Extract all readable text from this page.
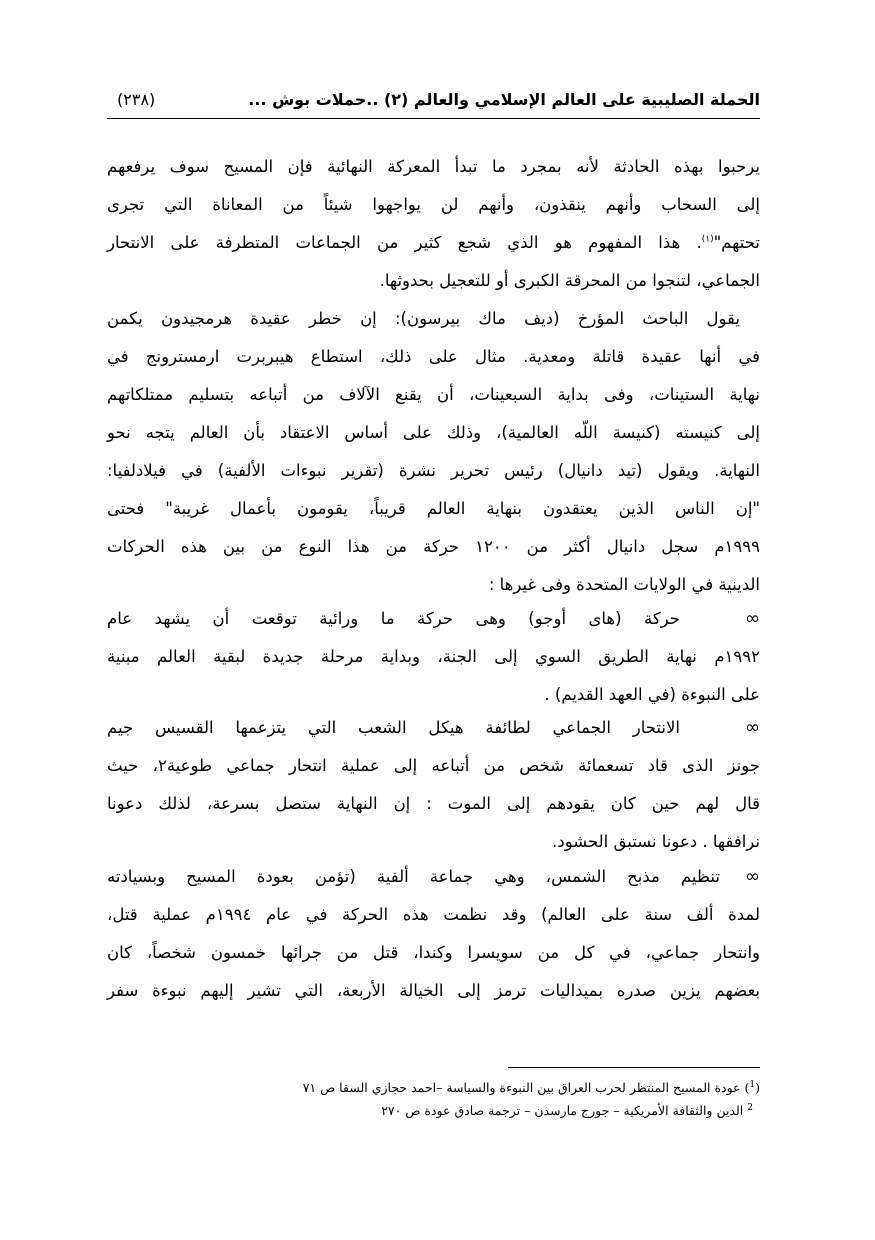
الحملة الصليبية على العالم الإسلامي والعالم (٢) ..حملات بوش ...
(٢٣٨)
يرحبوا بهذه الحادثة لأنه بمجرد ما تبدأ المعركة النهائية فإن المسيح سوف يرفعهم
إلى السحاب وأنهم ينقذون، وأنهم لن يواجهوا شيئاً من المعاناة التي تجرى
تحتهم"$^{(١)}$. هذا المفهوم هو الذي شجع كثير من الجماعات المتطرفة على الانتحار
الجماعي، لتنجوا من المحرقة الكبرى أو للتعجيل بحدوثها.
يقول الباحث المؤرخ (ديف ماك بيرسون): إن خطر عقيدة هرمجيدون يكمن
في أنها عقيدة قاتلة ومعدية. مثال على ذلك، استطاع هيبربرت ارمسترونج في
نهاية الستينات، وفى بداية السبعينات، أن يقنع الآلاف من أتباعه بتسليم ممتلكاتهم
إلى كنيسته (كنيسة اللّه العالمية)، وذلك على أساس الاعتقاد بأن العالم يتجه نحو
النهاية. ويقول (تيد دانيال) رئيس تحرير نشرة (تقرير نبوءات الألفية) في فيلادلفيا:
"إن الناس الذين يعتقدون بنهاية العالم قريباً، يقومون بأعمال غريبة" فحتى
١٩٩٩م سجل دانيال أكثر من ١٢٠٠ حركة من هذا النوع من بين هذه الحركات
الدينية في الولايات المتحدة وفى غيرها :
∞
حركة (هاى أوجو) وهى حركة ما ورائية توقعت أن يشهد عام
١٩٩٢م نهاية الطريق السوي إلى الجنة، وبداية مرحلة جديدة لبقية العالم مبنية
على النبوءة (في العهد القديم) .
∞
الانتحار الجماعي لطائفة هيكل الشعب التي يتزعمها القسيس جيم
جونز الذى قاد تسعمائة شخص من أتباعه إلى عملية انتحار جماعي طوعية٢، حيث
قال لهم حين كان يقودهم إلى الموت : إن النهاية ستصل بسرعة، لذلك دعونا
نرافقها . دعونا نستبق الحشود.
∞
تنظيم مذبح الشمس، وهي جماعة ألفية (تؤمن بعودة المسيح وبسيادته
لمدة ألف سنة على العالم) وقد نظمت هذه الحركة في عام ١٩٩٤م عملية قتل،
وانتحار جماعي، في كل من سويسرا وكندا، قتل من جرائها خمسون شخصاً، كان
بعضهم يزين صدره بميداليات ترمز إلى الخيالة الأربعة، التي تشير إليهم نبوءة سفر
($^1$) عودة المسيح المنتظر لحرب العراق بين النبوءة والسياسة –احمد حجازي السقا ص ٧١
$^2$ الدين والثقافة الأمريكية – جورج مارسدن – ترجمة صادق عودة ص ٢٧٠
